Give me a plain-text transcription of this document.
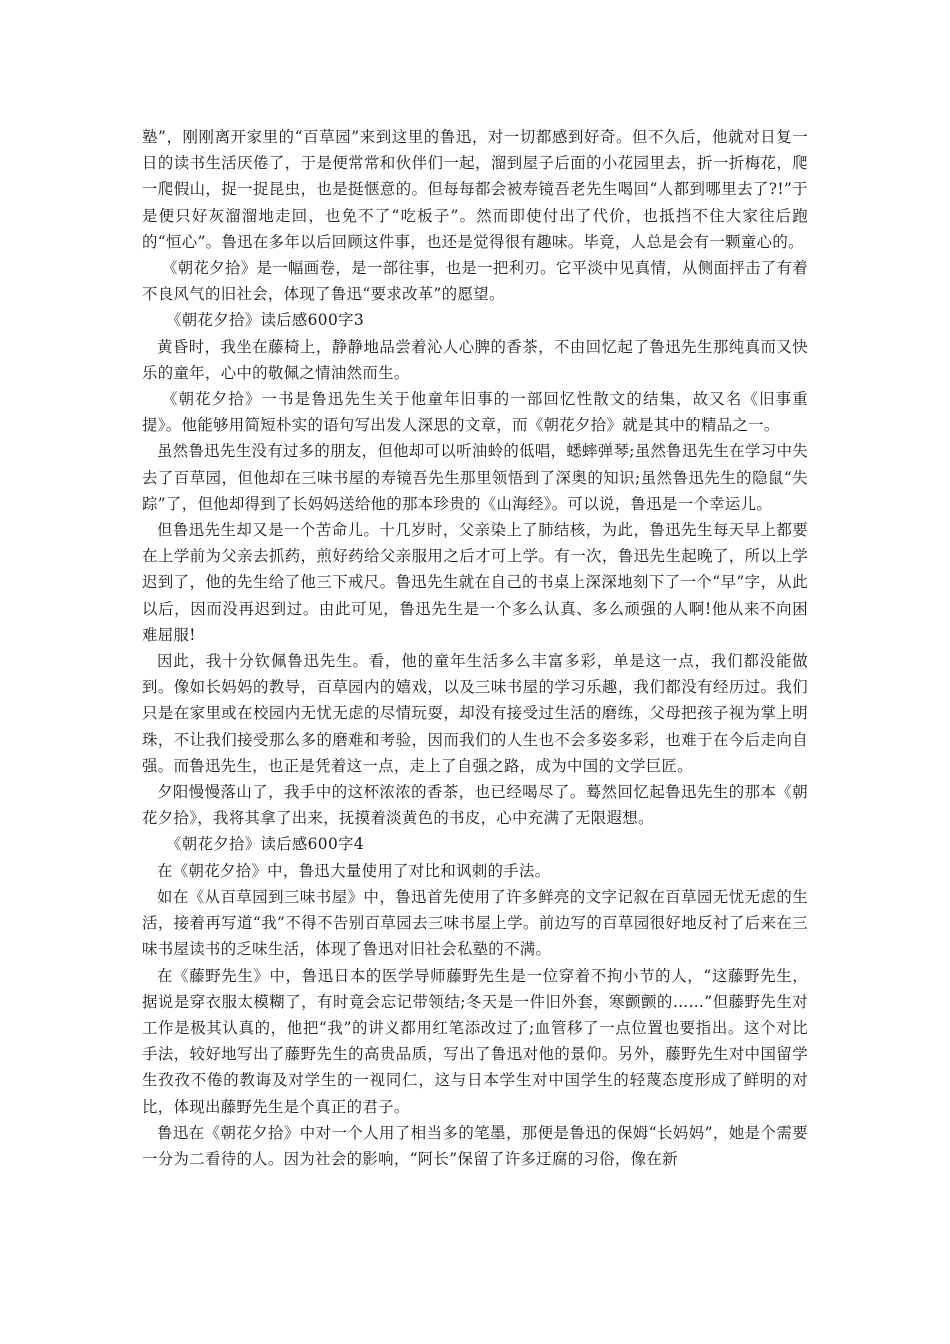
塾”，刚刚离开家里的“百草园”来到这里的鲁迅，对一切都感到好奇。但不久后，他就对日复一日的读书生活厌倦了，于是便常常和伙伴们一起，溜到屋子后面的小花园里去，折一折梅花，爬一爬假山，捉一捉昆虫，也是挺惬意的。但每每都会被寿镜吾老先生喝回“人都到哪里去了?!”于是便只好灰溜溜地走回，也免不了“吃板子”。然而即使付出了代价，也抵挡不住大家往后跑的“恒心”。鲁迅在多年以后回顾这件事，也还是觉得很有趣味。毕竟，人总是会有一颗童心的。

《朝花夕拾》是一幅画卷，是一部往事，也是一把利刃。它平淡中见真情，从侧面抨击了有着不良风气的旧社会，体现了鲁迅“要求改革”的愿望。

《朝花夕拾》读后感600字3

黄昏时，我坐在藤椅上，静静地品尝着沁人心脾的香茶，不由回忆起了鲁迅先生那纯真而又快乐的童年，心中的敬佩之情油然而生。

《朝花夕拾》一书是鲁迅先生关于他童年旧事的一部回忆性散文的结集，故又名《旧事重提》。他能够用简短朴实的语句写出发人深思的文章，而《朝花夕拾》就是其中的精品之一。

虽然鲁迅先生没有过多的朋友，但他却可以听油蛉的低唱，蟋蟀弹琴;虽然鲁迅先生在学习中失去了百草园，但他却在三味书屋的寿镜吾先生那里领悟到了深奥的知识;虽然鲁迅先生的隐鼠“失踪”了，但他却得到了长妈妈送给他的那本珍贵的《山海经》。可以说，鲁迅是一个幸运儿。

但鲁迅先生却又是一个苦命儿。十几岁时，父亲染上了肺结核，为此，鲁迅先生每天早上都要在上学前为父亲去抓药，煎好药给父亲服用之后才可上学。有一次，鲁迅先生起晚了，所以上学迟到了，他的先生给了他三下戒尺。鲁迅先生就在自己的书桌上深深地刻下了一个“早”字，从此以后，因而没再迟到过。由此可见，鲁迅先生是一个多么认真、多么顽强的人啊!他从来不向困难屈服!

因此，我十分钦佩鲁迅先生。看，他的童年生活多么丰富多彩，单是这一点，我们都没能做到。像如长妈妈的教导，百草园内的嬉戏，以及三味书屋的学习乐趣，我们都没有经历过。我们只是在家里或在校园内无忧无虑的尽情玩耍，却没有接受过生活的磨练，父母把孩子视为掌上明珠，不让我们接受那么多的磨难和考验，因而我们的人生也不会多姿多彩，也难于在今后走向自强。而鲁迅先生，也正是凭着这一点，走上了自强之路，成为中国的文学巨匠。

夕阳慢慢落山了，我手中的这杯浓浓的香茶，也已经喝尽了。蓦然回忆起鲁迅先生的那本《朝花夕拾》，我将其拿了出来，抚摸着淡黄色的书皮，心中充满了无限遐想。

《朝花夕拾》读后感600字4

在《朝花夕拾》中，鲁迅大量使用了对比和讽刺的手法。

如在《从百草园到三味书屋》中，鲁迅首先使用了许多鲜亮的文字记叙在百草园无忧无虑的生活，接着再写道“我”不得不告别百草园去三味书屋上学。前边写的百草园很好地反衬了后来在三味书屋读书的乏味生活，体现了鲁迅对旧社会私塾的不满。

在《藤野先生》中，鲁迅日本的医学导师藤野先生是一位穿着不拘小节的人，“这藤野先生，据说是穿衣服太模糊了，有时竟会忘记带领结;冬天是一件旧外套，寒颤颤的……”但藤野先生对工作是极其认真的，他把“我”的讲义都用红笔添改过了;血管移了一点位置也要指出。这个对比手法，较好地写出了藤野先生的高贵品质，写出了鲁迅对他的景仰。另外，藤野先生对中国留学生孜孜不倦的教诲及对学生的一视同仁，这与日本学生对中国学生的轻蔑态度形成了鲜明的对比，体现出藤野先生是个真正的君子。

鲁迅在《朝花夕拾》中对一个人用了相当多的笔墨，那便是鲁迅的保姆“长妈妈”，她是个需要一分为二看待的人。因为社会的影响，“阿长”保留了许多迂腐的习俗，像在新
